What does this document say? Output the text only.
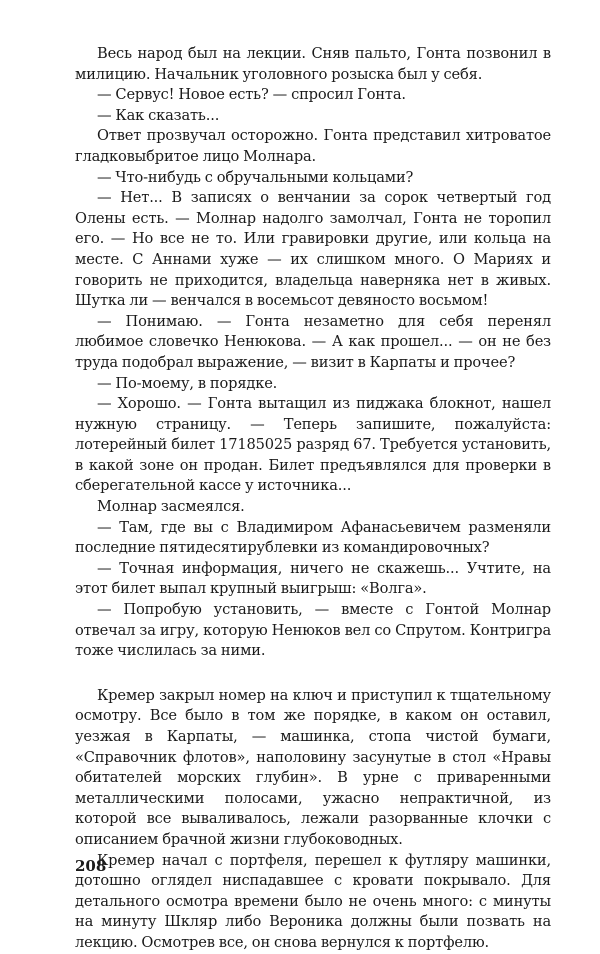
Весь народ был на лекции. Сняв пальто, Гонта позвонил в милицию. Начальник уголовного розыска был у себя.

— Сервус! Новое есть? — спросил Гонта.

— Как сказать...

Ответ прозвучал осторожно. Гонта представил хитроватое гладковыбритое лицо Молнара.

— Что-нибудь с обручальными кольцами?

— Нет... В записях о венчании за сорок четвертый год Олены есть. — Молнар надолго замолчал, Гонта не торопил его. — Но все не то. Или гравировки другие, или кольца на месте. С Аннами хуже — их слишком много. О Мариях и говорить не приходится, владельца наверняка нет в живых. Шутка ли — венчался в восемьсот девяносто восьмом!

— Понимаю. — Гонта незаметно для себя перенял любимое словечко Ненюкова. — А как прошел... — он не без труда подобрал выражение, — визит в Карпаты и прочее?

— По-моему, в порядке.

— Хорошо. — Гонта вытащил из пиджака блокнот, нашел нужную страницу. — Теперь запишите, пожалуйста: лотерейный билет 17185025 разряд 67. Требуется установить, в какой зоне он продан. Билет предъявлялся для проверки в сберегательной кассе у источника...

Молнар засмеялся.

— Там, где вы с Владимиром Афанасьевичем разменяли последние пятидесятирублевки из командировочных?

— Точная информация, ничего не скажешь... Учтите, на этот билет выпал крупный выигрыш: «Волга».

— Попробую установить, — вместе с Гонтой Молнар отвечал за игру, которую Ненюков вел со Спрутом. Контригра тоже числилась за ними.

Кремер закрыл номер на ключ и приступил к тщательному осмотру. Все было в том же порядке, в каком он оставил, уезжая в Карпаты, — машинка, стопа чистой бумаги, «Справочник флотов», наполовину засунутые в стол «Нравы обитателей морских глубин». В урне с приваренными металлическими полосами, ужасно непрактичной, из которой все вываливалось, лежали разорванные клочки с описанием брачной жизни глубоководных.

Кремер начал с портфеля, перешел к футляру машинки, дотошно оглядел ниспадавшее с кровати покрывало. Для детального осмотра времени было не очень много: с минуты на минуту Шкляр либо Вероника должны были позвать на лекцию. Осмотрев все, он снова вернулся к портфелю.

208
